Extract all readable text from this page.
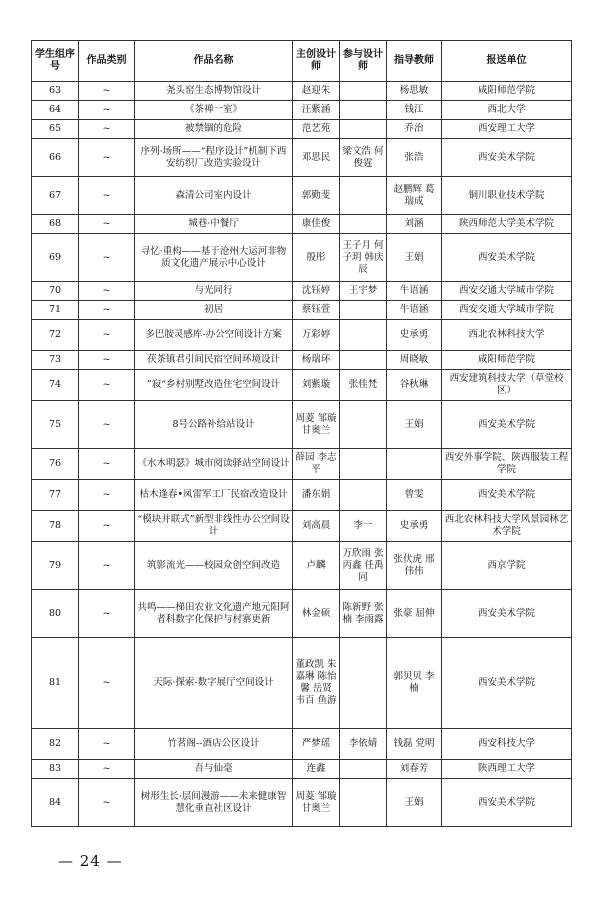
学生组序号	作品类别	作品名称	主创设计师	参与设计师	指导教师	报送单位
63	~	尧头窑生态博物馆设计	赵迎朱		杨思敏	咸阳师范学院
64	~	《茶禅一室》	汪紫涵		钱江	西北大学
65	~	被禁锢的危险	范艺苑		乔治	西安理工大学
66	~	序列·场所——“程序设计”机制下西安纺织厂改造实验设计	邓思民	梁文浩 何俊霆	张浩	西安美术学院
67	~	森清公司室内设计	郭勤斐		赵鹏辉 葛瑞成	铜川职业技术学院
68	~	城巷·中餐厅	康佳俊		刘涵	陕西师范大学美术学院
69	~	寻忆·重构——基于沧州大运河非物质文化遗产展示中心设计	殷彤	王子月 何子玥 韩庆辰	王娟	西安美术学院
70	~	与光同行	沈钰婷	王宇梦	牛语涵	西安交通大学城市学院
71	~	初居	蔡钰萱		牛语涵	西安交通大学城市学院
72	~	多巴胺灵感库-办公空间设计方案	万彩婷		史承勇	西北农林科技大学
73	~	茯茶镇君引间民宿空间环境设计	杨瑞环		周晓敏	咸阳师范学院
74	~	”寂“乡村别墅改造住宅空间设计	刘紫璇	张佳梵	谷秋琳	西安建筑科技大学（草堂校区）
75	~	8号公路补给站设计	周菱 邹璇 甘奥兰		王娟	西安美术学院
76	~	《水木明瑟》城市阅读驿站空间设计	薛园 李志平			西安外事学院、陕西服装工程学院
77	~	枯木逢春•凤雷军工厂民宿改造设计	潘东娟		曾雯	西安美术学院
78	~	“模块并联式”新型非线性办公空间设计	刘高晨	李一	史承勇	西北农林科技大学风景园林艺术学院
79	~	筑影流光——校园众创空间改造	卢麟	万欣雨 张丙鑫 任禹同	张伏虎 邢伟伟	西京学院
80	~	共鸣——梯田农业文化遗产地元阳阿者科数字化保护与村寨更新	林金硕	陈新野 张楠 李雨露	张豪 屈伸	西安美术学院
81	~	天际·探索-数字展厅空间设计	董政凯 朱嘉琳 陈怡馨 岳贤 韦百 鱼游		郭贝贝 李楠	西安美术学院
82	~	竹茗阁--酒店公区设计	严梦瑶	李依婧	钱磊 党明	西安科技大学
83	~	吾与仙毫	连鑫		刘春芳	陕西理工大学
84	~	树形生长·层间漫游——未来健康智慧化垂直社区设计	周菱 邹璇 甘奥兰		王娟	西安美术学院
— 24 —
